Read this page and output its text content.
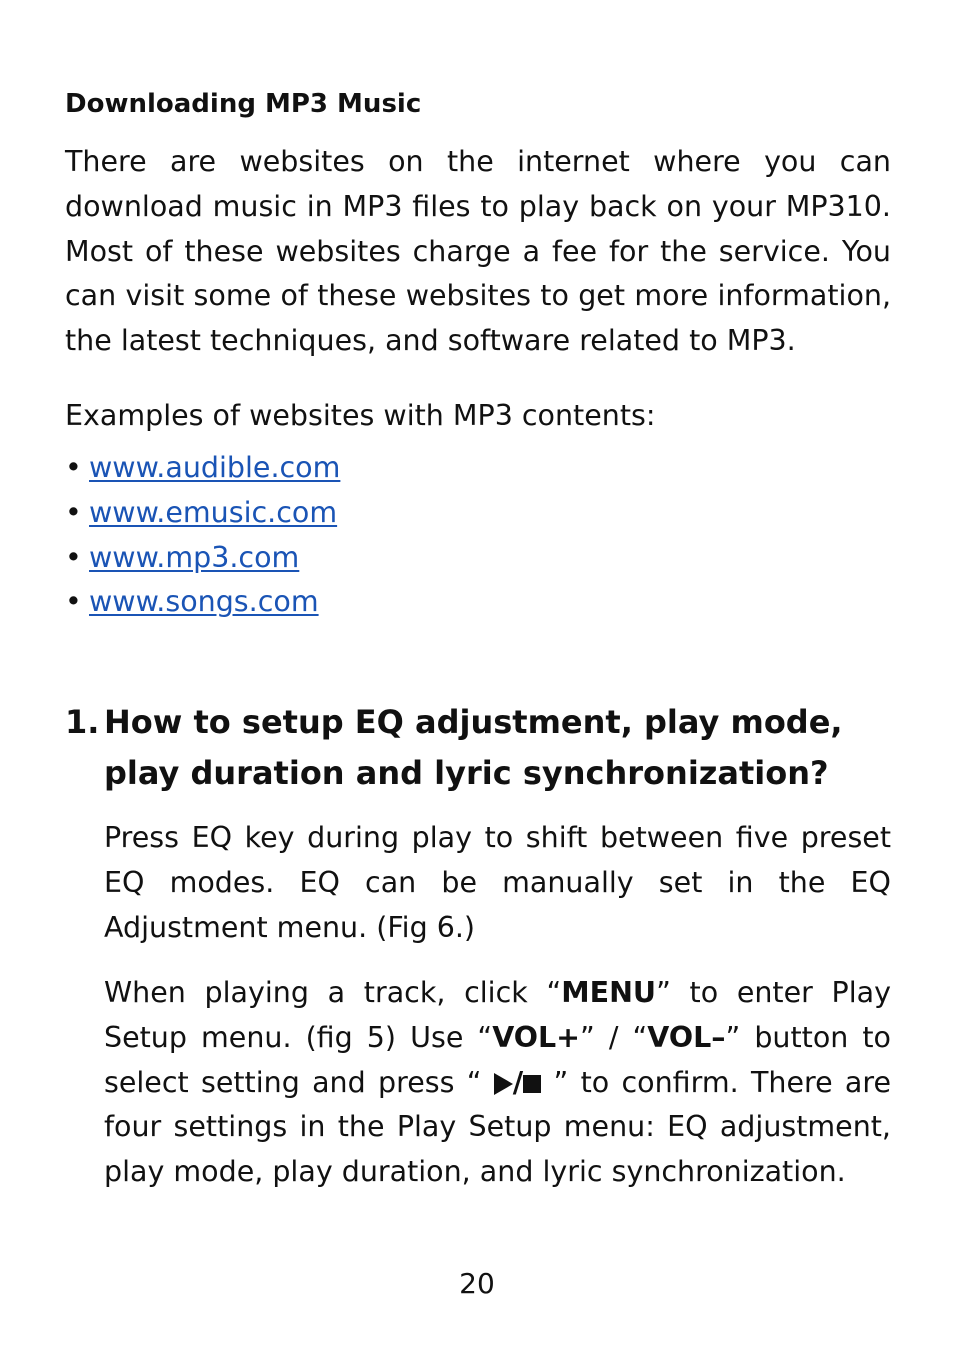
Downloading MP3 Music

There are websites on the internet where you can download music in MP3 files to play back on your MP310. Most of these websites charge a fee for the service. You can visit some of these websites to get more information, the latest techniques, and software related to MP3.

Examples of websites with MP3 contents:
• www.audible.com
• www.emusic.com
• www.mp3.com
• www.songs.com
1. How to setup EQ adjustment, play mode, play duration and lyric synchronization?

Press EQ key during play to shift between five preset EQ modes. EQ can be manually set in the EQ Adjustment menu. (Fig 6.)

When playing a track, click “MENU” to enter Play Setup menu. (fig 5) Use “VOL+” / “VOL–” button to select setting and press “ / ” to confirm. There are four settings in the Play Setup menu: EQ adjustment, play mode, play duration, and lyric synchronization.

20
